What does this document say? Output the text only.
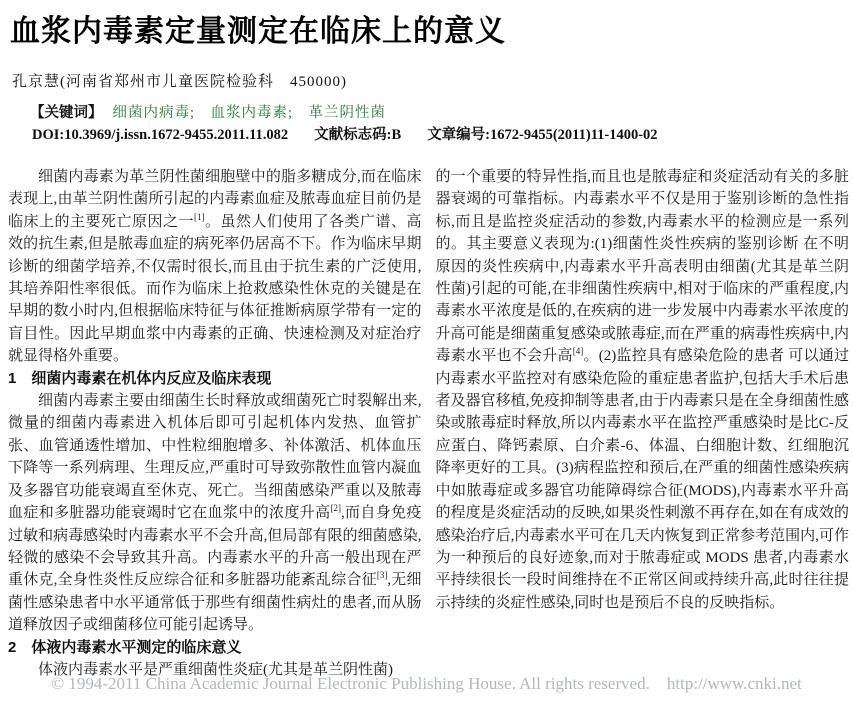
血浆内毒素定量测定在临床上的意义
孔京慧(河南省郑州市儿童医院检验科　450000)
【关键词】 细菌内病毒;　血浆内毒素;　革兰阴性菌
DOI:10.3969/j.issn.1672-9455.2011.11.082 文献标志码:B 文章编号:1672-9455(2011)11-1400-02

细菌内毒素为革兰阴性菌细胞壁中的脂多糖成分,而在临床表现上,由革兰阴性菌所引起的内毒素血症及脓毒血症目前仍是临床上的主要死亡原因之一[1]。虽然人们使用了各类广谱、高效的抗生素,但是脓毒血症的病死率仍居高不下。作为临床早期诊断的细菌学培养,不仅需时很长,而且由于抗生素的广泛使用,其培养阳性率很低。而作为临床上抢救感染性休克的关键是在早期的数小时内,但根据临床特征与体征推断病原学带有一定的盲目性。因此早期血浆中内毒素的正确、快速检测及对症治疗就显得格外重要。

1　细菌内毒素在机体内反应及临床表现

细菌内毒素主要由细菌生长时释放或细菌死亡时裂解出来,微量的细菌内毒素进入机体后即可引起机体内发热、血管扩张、血管通透性增加、中性粒细胞增多、补体激活、机体血压下降等一系列病理、生理反应,严重时可导致弥散性血管内凝血及多器官功能衰竭直至休克、死亡。当细菌感染严重以及脓毒血症和多脏器功能衰竭时它在血浆中的浓度升高[2],而自身免疫过敏和病毒感染时内毒素水平不会升高,但局部有限的细菌感染,轻微的感染不会导致其升高。内毒素水平的升高一般出现在严重休克,全身性炎性反应综合征和多脏器功能紊乱综合征[3],无细菌性感染患者中水平通常低于那些有细菌性病灶的患者,而从肠道释放因子或细菌移位可能引起诱导。

2　体液内毒素水平测定的临床意义

体液内毒素水平是严重细菌性炎症(尤其是革兰阴性菌)

的一个重要的特异性指,而且也是脓毒症和炎症活动有关的多脏器衰竭的可靠指标。内毒素水平不仅是用于鉴别诊断的急性指标,而且是监控炎症活动的参数,内毒素水平的检测应是一系列的。其主要意义表现为:(1)细菌性炎性疾病的鉴别诊断 在不明原因的炎性疾病中,内毒素水平升高表明由细菌(尤其是革兰阴性菌)引起的可能,在非细菌性疾病中,相对于临床的严重程度,内毒素水平浓度是低的,在疾病的进一步发展中内毒素水平浓度的升高可能是细菌重复感染或脓毒症,而在严重的病毒性疾病中,内毒素水平也不会升高[4]。(2)监控具有感染危险的患者 可以通过内毒素水平监控对有感染危险的重症患者监护,包括大手术后患者及器官移植,免疫抑制等患者,由于内毒素只是在全身细菌性感染或脓毒症时释放,所以内毒素水平在监控严重感染时是比C-反应蛋白、降钙素原、白介素-6、体温、白细胞计数、红细胞沉降率更好的工具。(3)病程监控和预后,在严重的细菌性感染疾病中如脓毒症或多器官功能障碍综合征(MODS),内毒素水平升高的程度是炎症活动的反映,如果炎性刺激不再存在,如在有成效的感染治疗后,内毒素水平可在几天内恢复到正常参考范围内,可作为一种预后的良好迹象,而对于脓毒症或 MODS 患者,内毒素水平持续很长一段时间维持在不正常区间或持续升高,此时往往提示持续的炎症性感染,同时也是预后不良的反映指标。

© 1994-2011 China Academic Journal Electronic Publishing House. All rights reserved.    http://www.cnki.net
